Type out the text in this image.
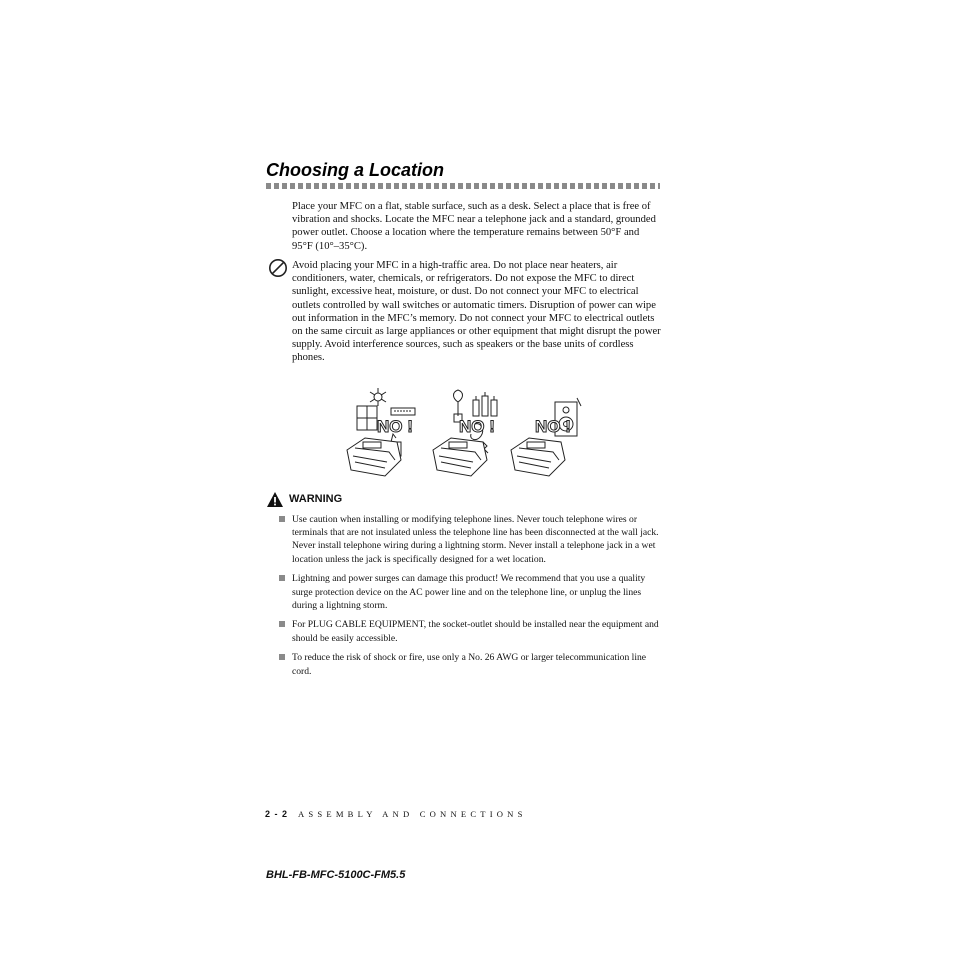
Choosing a Location
Place your MFC on a flat, stable surface, such as a desk. Select a place that is free of vibration and shocks. Locate the MFC near a telephone jack and a standard, grounded power outlet. Choose a location where the temperature remains between 50°F and 95°F (10°–35°C).
Avoid placing your MFC in a high-traffic area. Do not place near heaters, air conditioners, water, chemicals, or refrigerators. Do not expose the MFC to direct sunlight, excessive heat, moisture, or dust. Do not connect your MFC to electrical outlets controlled by wall switches or automatic timers. Disruption of power can wipe out information in the MFC’s memory. Do not connect your MFC to electrical outlets on the same circuit as large appliances or other equipment that might disrupt the power supply. Avoid interference sources, such as speakers or the base units of cordless phones.
NO !	NO ! NO !
WARNING
Use caution when installing or modifying telephone lines. Never touch telephone wires or terminals that are not insulated unless the telephone line has been disconnected at the wall jack. Never install telephone wiring during a lightning storm. Never install a telephone jack in a wet location unless the jack is specifically designed for a wet location.
Lightning and power surges can damage this product! We recommend that you use a quality surge protection device on the AC power line and on the telephone line, or unplug the lines during a lightning storm.
For PLUG CABLE EQUIPMENT, the socket-outlet should be installed near the equipment and should be easily accessible.
To reduce the risk of shock or fire, use only a No. 26 AWG or larger telecommunication line cord.
2 - 2 ASSEMBLY AND CONNECTIONS
BHL-FB-MFC-5100C-FM5.5
